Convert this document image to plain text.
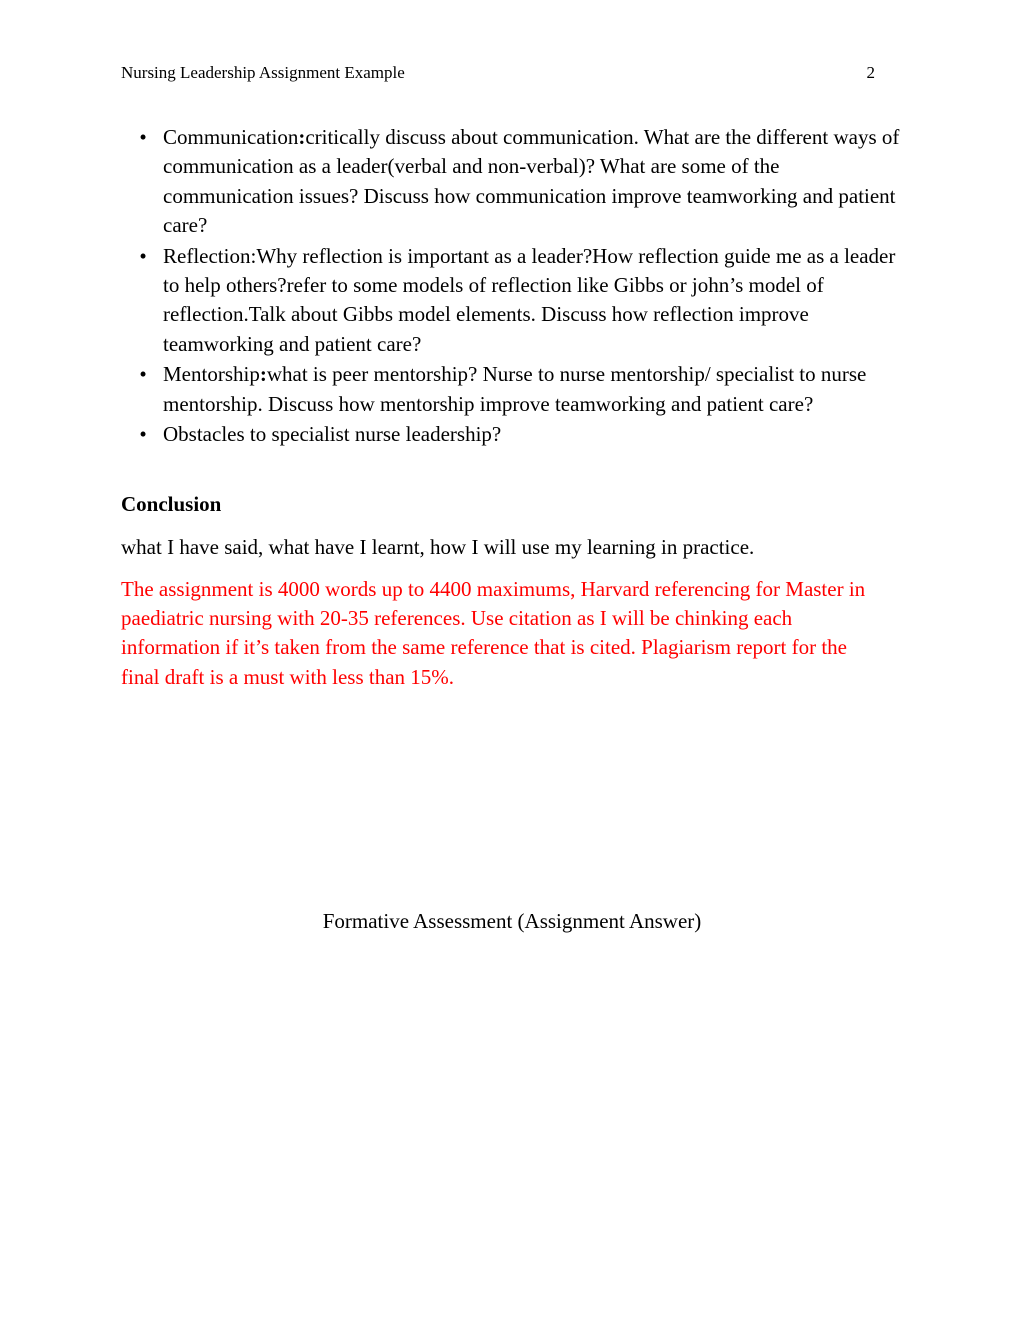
Nursing Leadership Assignment Example	2
• Communication:critically discuss about communication. What are the different ways of communication as a leader(verbal and non-verbal)? What are some of the communication issues? Discuss how communication improve teamworking and patient care?
• Reflection:Why reflection is important as a leader?How reflection guide me as a leader to help others?refer to some models of reflection like Gibbs or john’s model of reflection.Talk about Gibbs model elements. Discuss how reflection improve teamworking and patient care?
• Mentorship:what is peer mentorship? Nurse to nurse mentorship/ specialist to nurse mentorship. Discuss how mentorship improve teamworking and patient care?
• Obstacles to specialist nurse leadership?
Conclusion

what I have said, what have I learnt, how I will use my learning in practice.

The assignment is 4000 words up to 4400 maximums, Harvard referencing for Master in paediatric nursing with 20-35 references. Use citation as I will be chinking each information if it’s taken from the same reference that is cited. Plagiarism report for the final draft is a must with less than 15%.

Formative Assessment (Assignment Answer)
